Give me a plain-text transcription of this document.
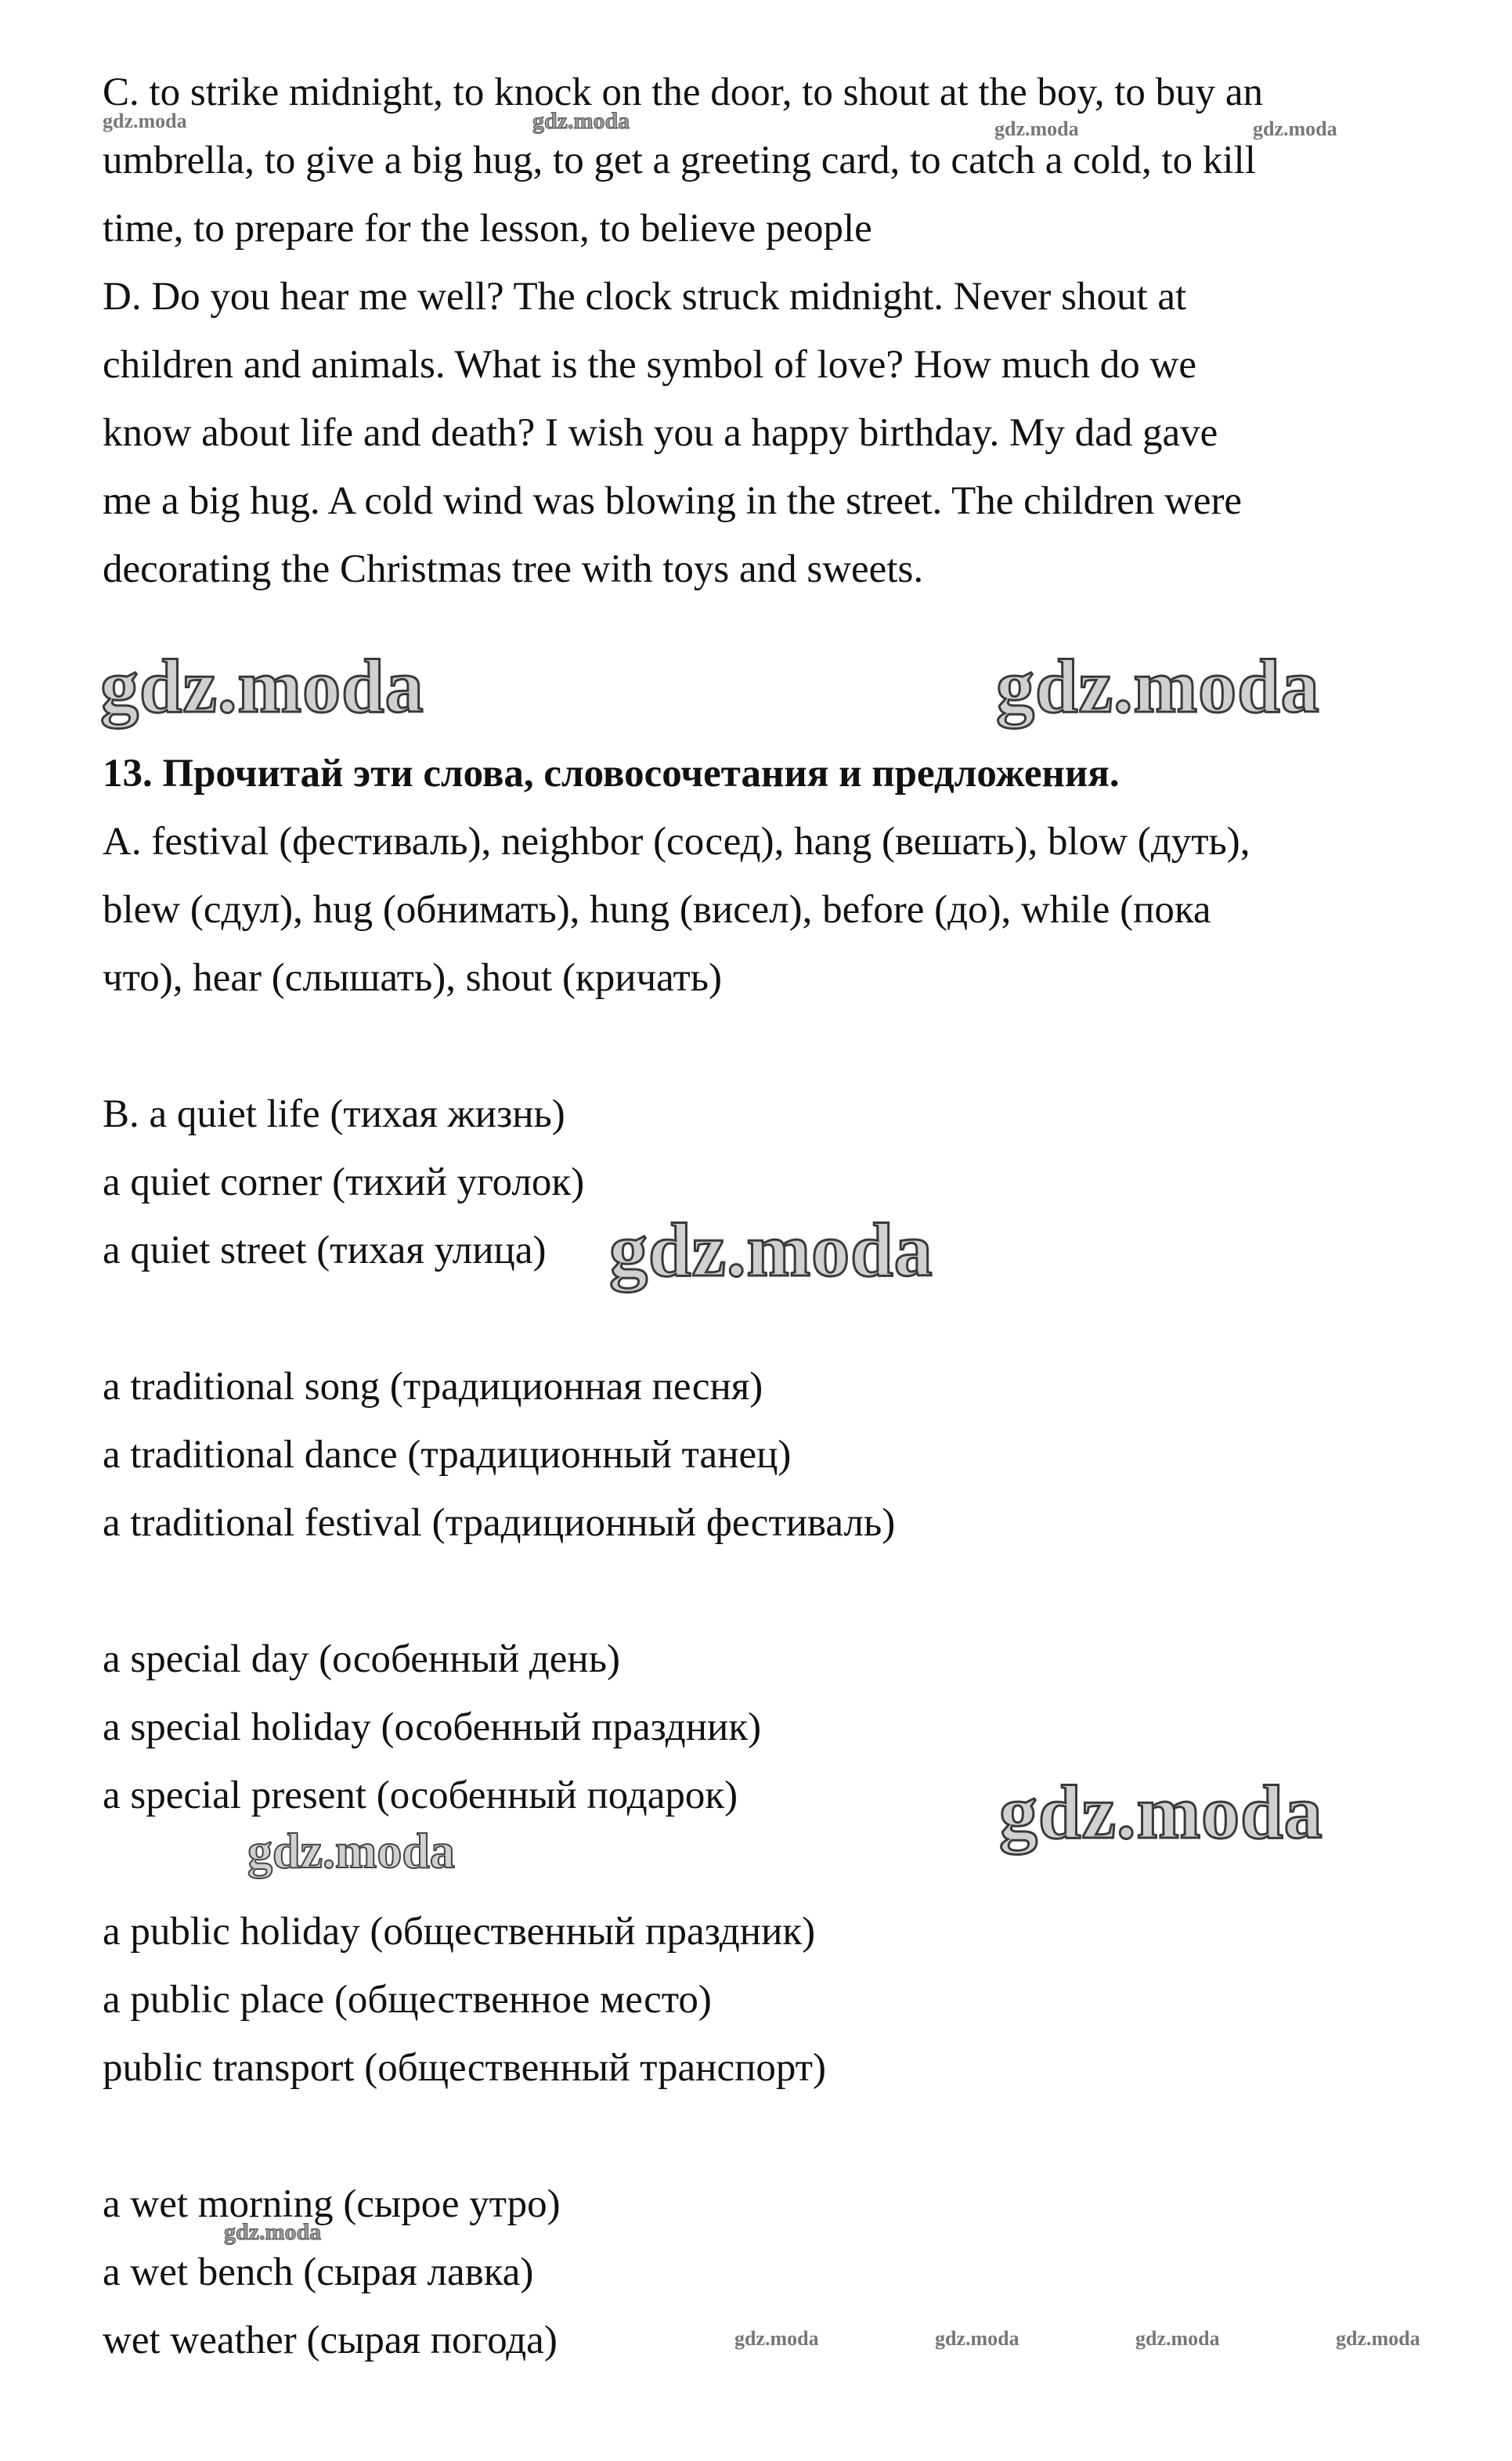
C. to strike midnight, to knock on the door, to shout at the boy, to buy an
umbrella, to give a big hug, to get a greeting card, to catch a cold, to kill
time, to prepare for the lesson, to believe people
D. Do you hear me well? The clock struck midnight. Never shout at
children and animals. What is the symbol of love? How much do we
know about life and death? I wish you a happy birthday. My dad gave
me a big hug. A cold wind was blowing in the street. The children were
decorating the Christmas tree with toys and sweets.
13. Прочитай эти слова, словосочетания и предложения.
A. festival (фестиваль), neighbor (сосед), hang (вешать), blow (дуть),
blew (сдул), hug (обнимать), hung (висел), before (до), while (пока
что), hear (слышать), shout (кричать)
B. a quiet life (тихая жизнь)
a quiet corner (тихий уголок)
a quiet street (тихая улица)
a traditional song (традиционная песня)
a traditional dance (традиционный танец)
a traditional festival (традиционный фестиваль)
a special day (особенный день)
a special holiday (особенный праздник)
a special present (особенный подарок)
a public holiday (общественный праздник)
a public place (общественное место)
public transport (общественный транспорт)
a wet morning (сырое утро)
a wet bench (сырая лавка)
wet weather (сырая погода)
gdz.moda	gdz.moda	gdz.moda	gdz.moda
gdz.moda	gdz.moda
gdz.moda
gdz.moda
gdz.moda
gdz.moda
gdz.moda	gdz.moda	gdz.moda	gdz.moda
